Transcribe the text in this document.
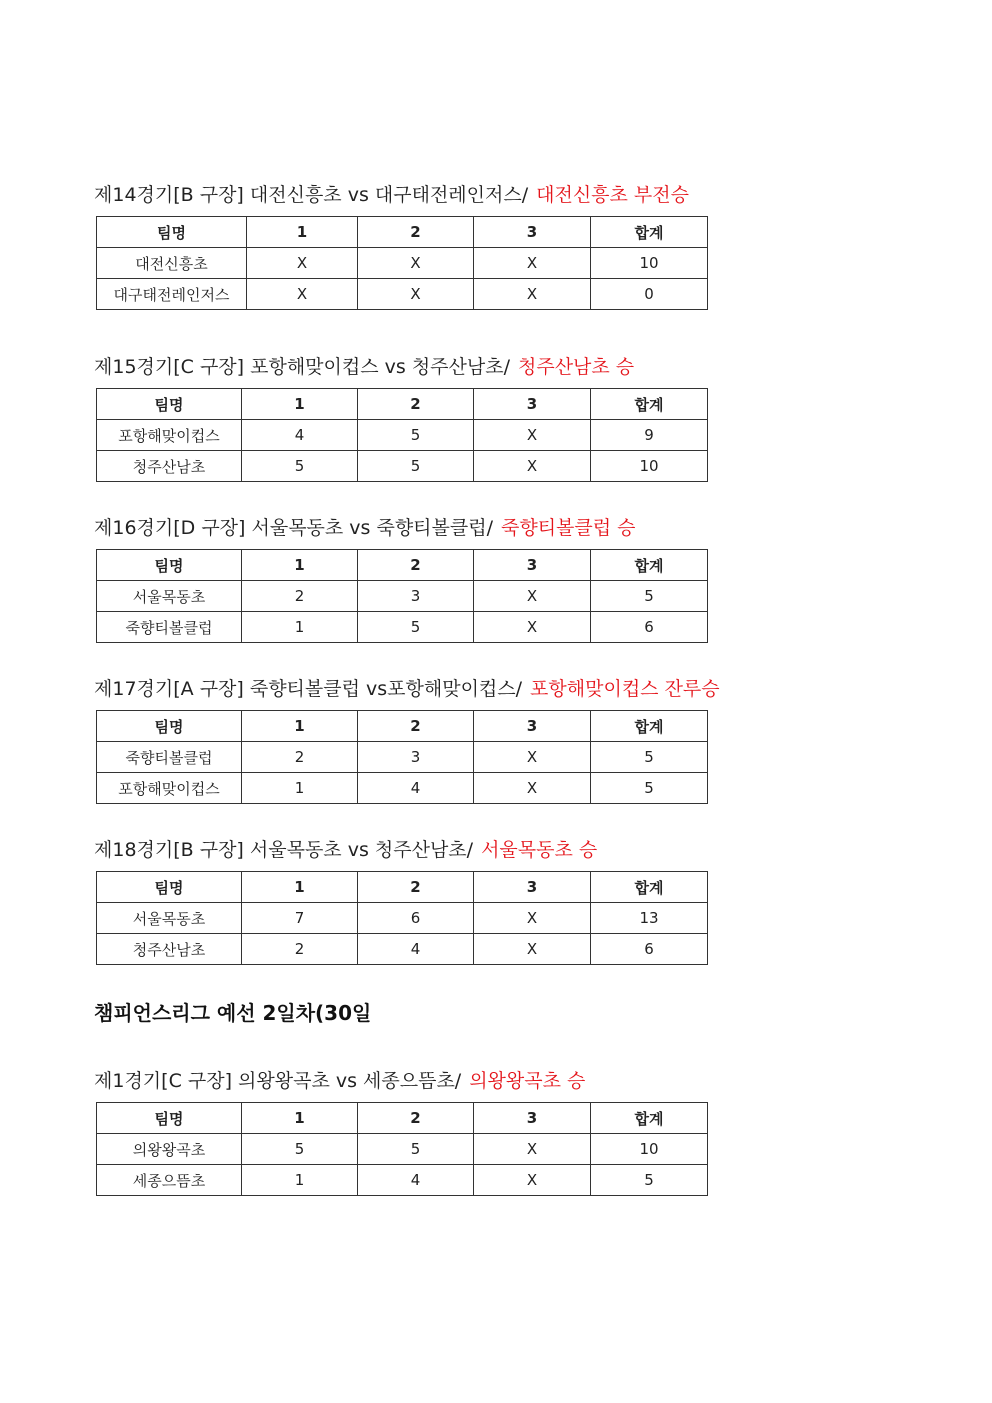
제14경기[B 구장] 대전신흥초 vs 대구태전레인저스/ 대전신흥초 부전승
팀명	1	2	3	합계
대전신흥초	X	X	X	10
대구태전레인저스	X	X	X	0
제15경기[C 구장] 포항해맞이컵스 vs 청주산남초/ 청주산남초 승
팀명	1	2	3	합계
포항해맞이컵스	4	5	X	9
청주산남초	5	5	X	10
제16경기[D 구장] 서울목동초 vs 죽향티볼클럽/ 죽향티볼클럽 승
팀명	1	2	3	합계
서울목동초	2	3	X	5
죽향티볼클럽	1	5	X	6
제17경기[A 구장] 죽향티볼클럽 vs포항해맞이컵스/ 포항해맞이컵스 잔루승
팀명	1	2	3	합계
죽향티볼클럽	2	3	X	5
포항해맞이컵스	1	4	X	5
제18경기[B 구장] 서울목동초 vs 청주산남초/ 서울목동초 승
팀명	1	2	3	합계
서울목동초	7	6	X	13
청주산남초	2	4	X	6
챔피언스리그 예선 2일차(30일
제1경기[C 구장] 의왕왕곡초 vs 세종으뜸초/ 의왕왕곡초 승
팀명	1	2	3	합계
의왕왕곡초	5	5	X	10
세종으뜸초	1	4	X	5
